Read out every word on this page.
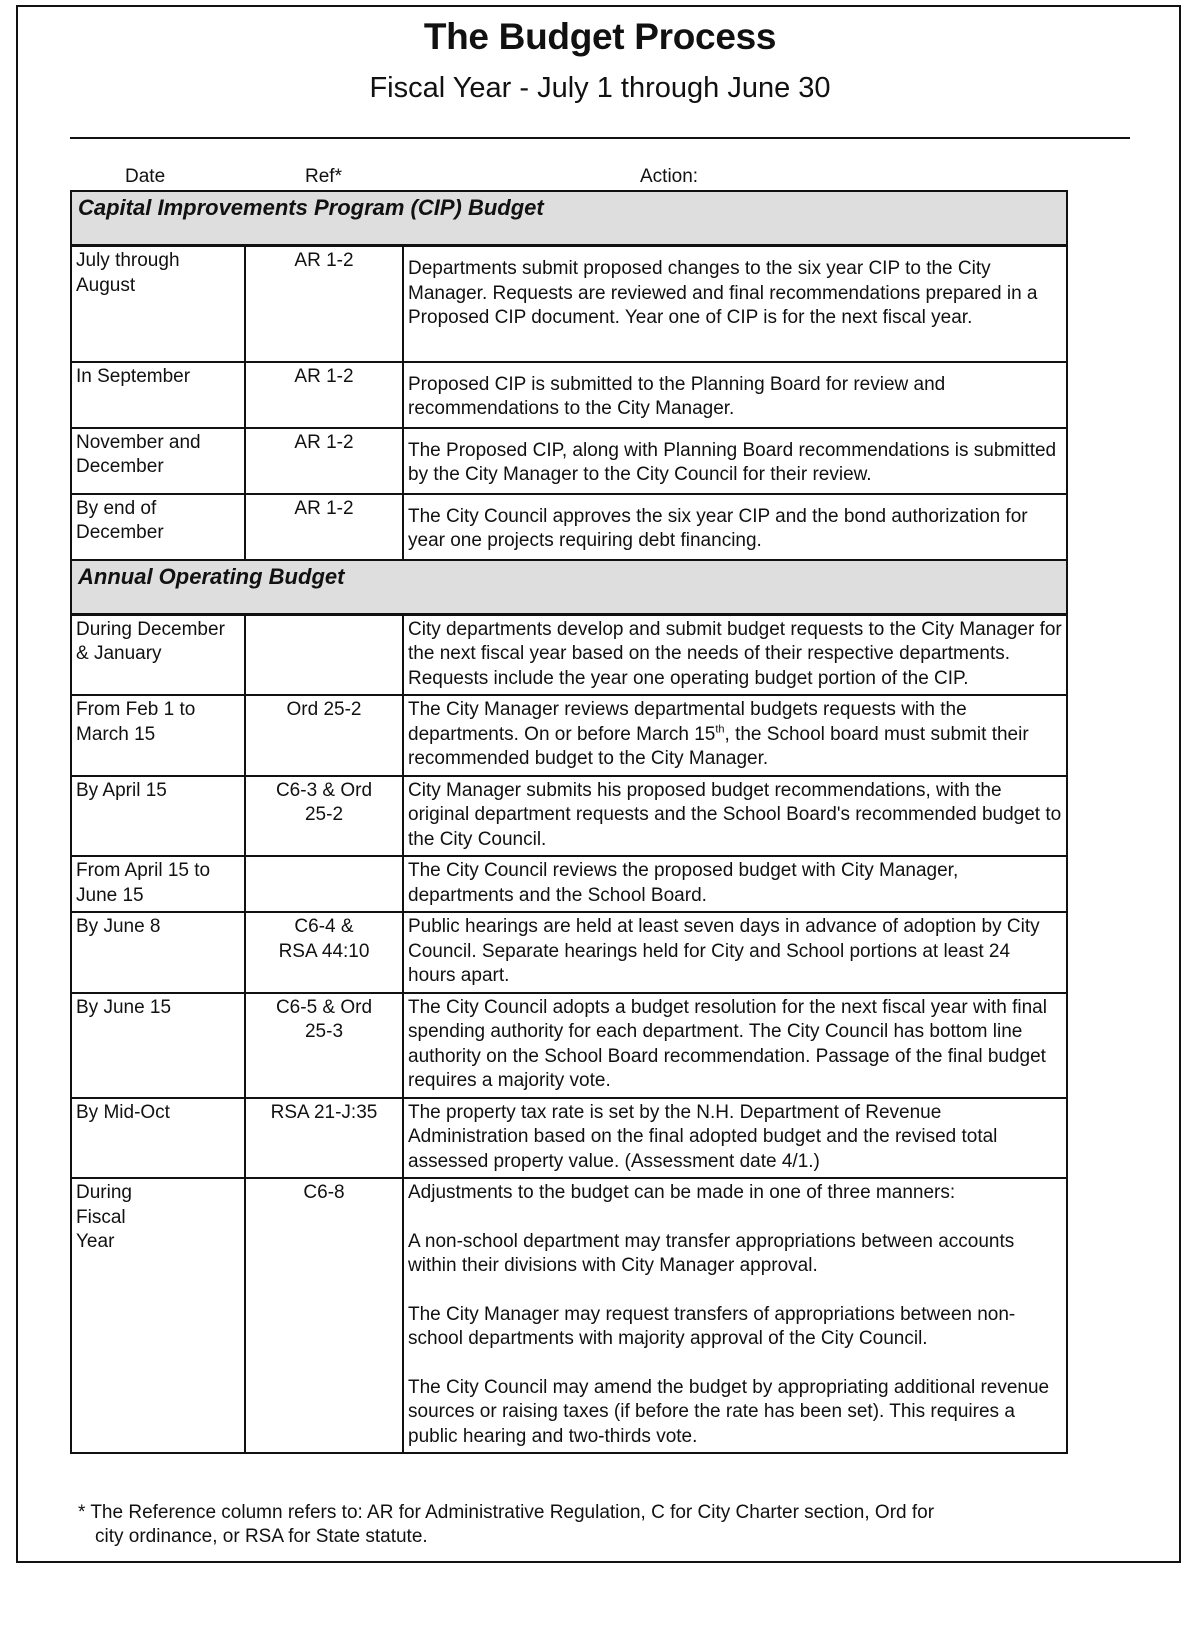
The Budget Process
Fiscal Year - July 1 through June 30
Date	Ref*	Action:
Capital Improvements Program (CIP) Budget		
July through August	AR 1-2	Departments submit proposed changes to the six year CIP to the City Manager. Requests are reviewed and final recommendations prepared in a Proposed CIP document. Year one of CIP is for the next fiscal year.
In September	AR 1-2	Proposed CIP is submitted to the Planning Board for review and recommendations to the City Manager.
November and December	AR 1-2	The Proposed CIP, along with Planning Board recommendations is submitted by the City Manager to the City Council for their review.
By end of December	AR 1-2	The City Council approves the six year CIP and the bond authorization for year one projects requiring debt financing.
Annual Operating Budget		
During December & January		City departments develop and submit budget requests to the City Manager for the next fiscal year based on the needs of their respective departments. Requests include the year one operating budget portion of the CIP.
From Feb 1 to March 15	Ord 25-2	The City Manager reviews departmental budgets requests with the departments. On or before March 15th, the School board must submit their recommended budget to the City Manager.
By April 15	C6-3 & Ord 25-2	City Manager submits his proposed budget recommendations, with the original department requests and the School Board's recommended budget to the City Council.
From April 15 to June 15		The City Council reviews the proposed budget with City Manager, departments and the School Board.
By June 8	C6-4 & RSA 44:10	Public hearings are held at least seven days in advance of adoption by City Council. Separate hearings held for City and School portions at least 24 hours apart.
By June 15	C6-5 & Ord 25-3	The City Council adopts a budget resolution for the next fiscal year with final spending authority for each department. The City Council has bottom line authority on the School Board recommendation. Passage of the final budget requires a majority vote.
By Mid-Oct	RSA 21-J:35	The property tax rate is set by the N.H. Department of Revenue Administration based on the final adopted budget and the revised total assessed property value. (Assessment date 4/1.)
During Fiscal Year	C6-8	Adjustments to the budget can be made in one of three manners:
A non-school department may transfer appropriations between accounts within their divisions with City Manager approval.
The City Manager may request transfers of appropriations between non-school departments with majority approval of the City Council.
The City Council may amend the budget by appropriating additional revenue sources or raising taxes (if before the rate has been set). This requires a public hearing and two-thirds vote.
* The Reference column refers to: AR for Administrative Regulation, C for City Charter section, Ord for
city ordinance, or RSA for State statute.
